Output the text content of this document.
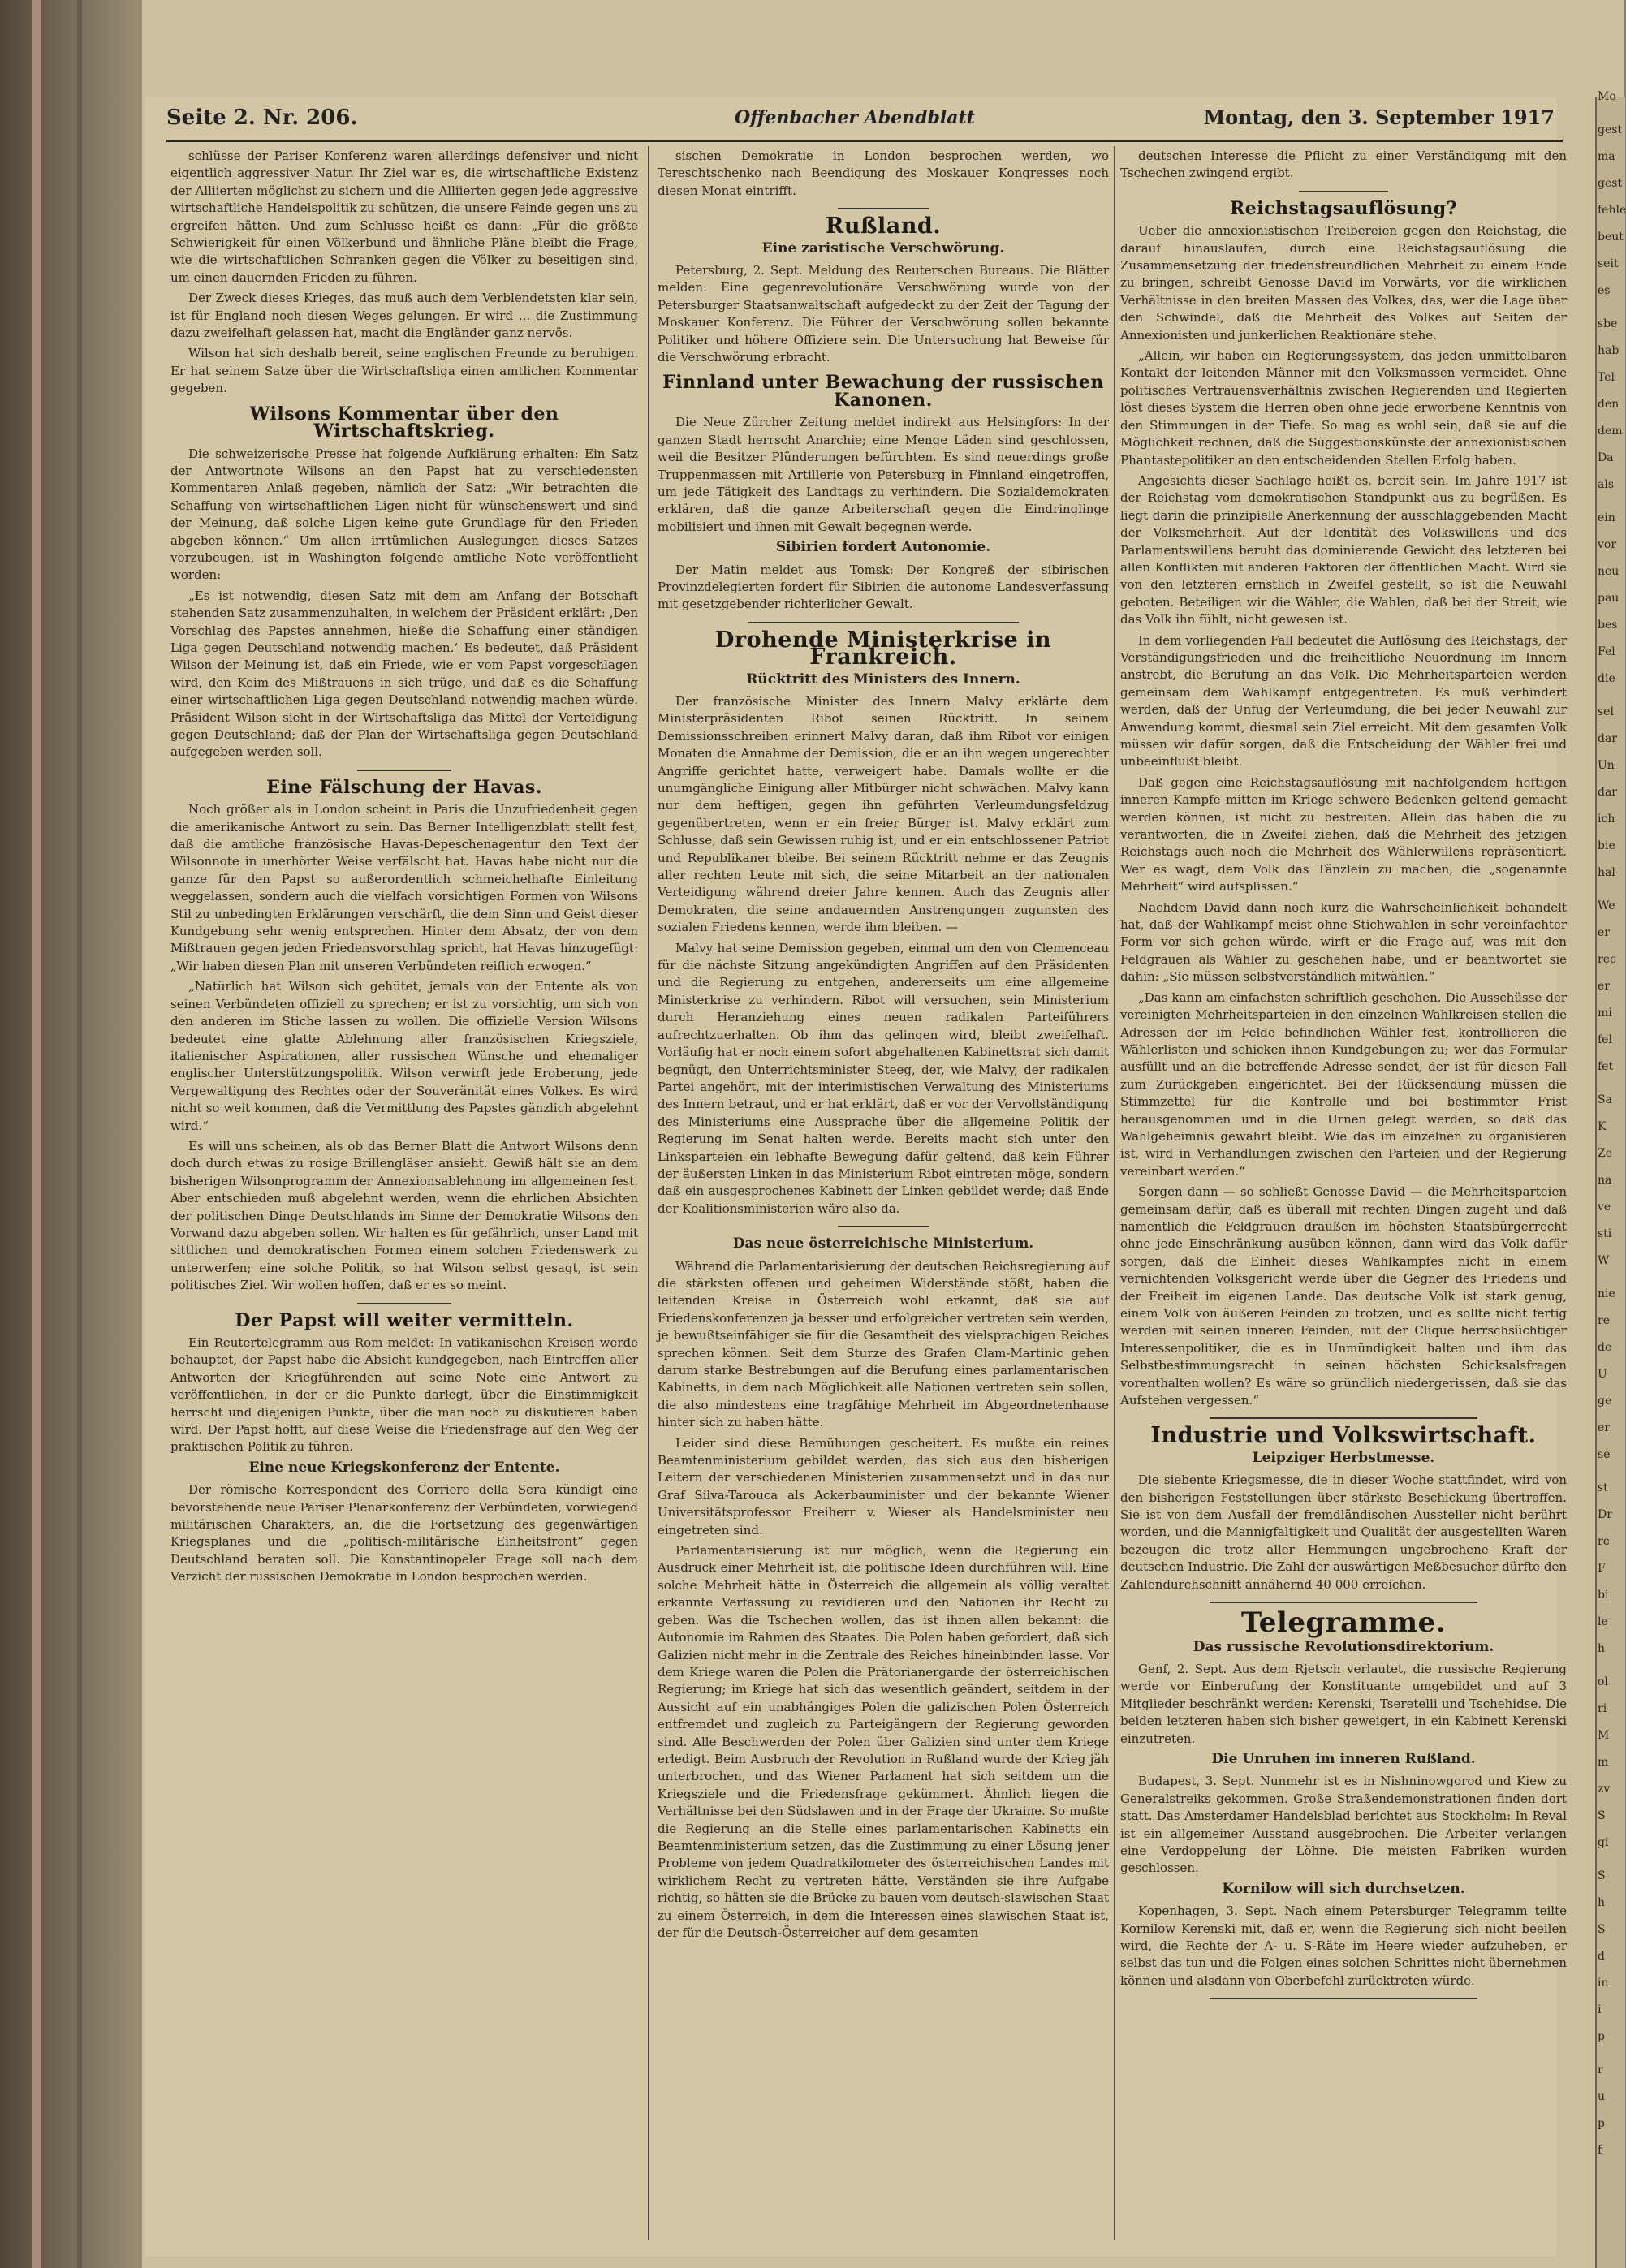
Seite 2. Nr. 206.	Offenbacher Abendblatt	Montag, den 3. September 1917

schlüsse der Pariser Konferenz waren allerdings defensiver und nicht eigentlich aggressiver Natur. Ihr Ziel war es, die wirtschaftliche Existenz der Alliierten möglichst zu sichern und die Alliierten gegen jede aggressive wirtschaftliche Handelspolitik zu schützen, die unsere Feinde gegen uns zu ergreifen hätten. Und zum Schlusse heißt es dann: „Für die größte Schwierigkeit für einen Völkerbund und ähnliche Pläne bleibt die Frage, wie die wirtschaftlichen Schranken gegen die Völker zu beseitigen sind, um einen dauernden Frieden zu führen.

Der Zweck dieses Krieges, das muß auch dem Verblendetsten klar sein, ist für England noch diesen Weges gelungen. Er wird ... die Zustimmung dazu zweifelhaft gelassen hat, macht die Engländer ganz nervös.

Wilson hat sich deshalb bereit, seine englischen Freunde zu beruhigen. Er hat seinem Satze über die Wirtschaftsliga einen amtlichen Kommentar gegeben.

Wilsons Kommentar über den Wirtschaftskrieg.

Die schweizerische Presse hat folgende Aufklärung erhalten: Ein Satz der Antwortnote Wilsons an den Papst hat zu verschiedensten Kommentaren Anlaß gegeben, nämlich der Satz: „Wir betrachten die Schaffung von wirtschaftlichen Ligen nicht für wünschenswert und sind der Meinung, daß solche Ligen keine gute Grundlage für den Frieden abgeben können.“ Um allen irrtümlichen Auslegungen dieses Satzes vorzubeugen, ist in Washington folgende amtliche Note veröffentlicht worden:

„Es ist notwendig, diesen Satz mit dem am Anfang der Botschaft stehenden Satz zusammenzuhalten, in welchem der Präsident erklärt: ‚Den Vorschlag des Papstes annehmen, hieße die Schaffung einer ständigen Liga gegen Deutschland notwendig machen.‘ Es bedeutet, daß Präsident Wilson der Meinung ist, daß ein Friede, wie er vom Papst vorgeschlagen wird, den Keim des Mißtrauens in sich trüge, und daß es die Schaffung einer wirtschaftlichen Liga gegen Deutschland notwendig machen würde. Präsident Wilson sieht in der Wirtschaftsliga das Mittel der Verteidigung gegen Deutschland; daß der Plan der Wirtschaftsliga gegen Deutschland aufgegeben werden soll.

Eine Fälschung der Havas.

Noch größer als in London scheint in Paris die Unzufriedenheit gegen die amerikanische Antwort zu sein. Das Berner Intelligenzblatt stellt fest, daß die amtliche französische Havas-Depeschenagentur den Text der Wilsonnote in unerhörter Weise verfälscht hat. Havas habe nicht nur die ganze für den Papst so außerordentlich schmeichelhafte Einleitung weggelassen, sondern auch die vielfach vorsichtigen Formen von Wilsons Stil zu unbedingten Erklärungen verschärft, die dem Sinn und Geist dieser Kundgebung sehr wenig entsprechen. Hinter dem Absatz, der von dem Mißtrauen gegen jeden Friedensvorschlag spricht, hat Havas hinzugefügt: „Wir haben diesen Plan mit unseren Verbündeten reiflich erwogen.“

„Natürlich hat Wilson sich gehütet, jemals von der Entente als von seinen Verbündeten offiziell zu sprechen; er ist zu vorsichtig, um sich von den anderen im Stiche lassen zu wollen. Die offizielle Version Wilsons bedeutet eine glatte Ablehnung aller französischen Kriegsziele, italienischer Aspirationen, aller russischen Wünsche und ehemaliger englischer Unterstützungspolitik. Wilson verwirft jede Eroberung, jede Vergewaltigung des Rechtes oder der Souveränität eines Volkes. Es wird nicht so weit kommen, daß die Vermittlung des Papstes gänzlich abgelehnt wird.“

Es will uns scheinen, als ob das Berner Blatt die Antwort Wilsons denn doch durch etwas zu rosige Brillengläser ansieht. Gewiß hält sie an dem bisherigen Wilsonprogramm der Annexionsablehnung im allgemeinen fest. Aber entschieden muß abgelehnt werden, wenn die ehrlichen Absichten der politischen Dinge Deutschlands im Sinne der Demokratie Wilsons den Vorwand dazu abgeben sollen. Wir halten es für gefährlich, unser Land mit sittlichen und demokratischen Formen einem solchen Friedenswerk zu unterwerfen; eine solche Politik, so hat Wilson selbst gesagt, ist sein politisches Ziel. Wir wollen hoffen, daß er es so meint.

Der Papst will weiter vermitteln.

Ein Reutertelegramm aus Rom meldet: In vatikanischen Kreisen werde behauptet, der Papst habe die Absicht kundgegeben, nach Eintreffen aller Antworten der Kriegführenden auf seine Note eine Antwort zu veröffentlichen, in der er die Punkte darlegt, über die Einstimmigkeit herrscht und diejenigen Punkte, über die man noch zu diskutieren haben wird. Der Papst hofft, auf diese Weise die Friedensfrage auf den Weg der praktischen Politik zu führen.

Eine neue Kriegskonferenz der Entente.

Der römische Korrespondent des Corriere della Sera kündigt eine bevorstehende neue Pariser Plenarkonferenz der Verbündeten, vorwiegend militärischen Charakters, an, die die Fortsetzung des gegenwärtigen Kriegsplanes und die „politisch-militärische Einheitsfront“ gegen Deutschland beraten soll. Die Konstantinopeler Frage soll nach dem Verzicht der russischen Demokratie in London besprochen werden.

sischen Demokratie in London besprochen werden, wo Tereschtschenko nach Beendigung des Moskauer Kongresses noch diesen Monat eintrifft.

Rußland.
Eine zaristische Verschwörung.

Petersburg, 2. Sept. Meldung des Reuterschen Bureaus. Die Blätter melden: Eine gegenrevolutionäre Verschwörung wurde von der Petersburger Staatsanwaltschaft aufgedeckt zu der Zeit der Tagung der Moskauer Konferenz. Die Führer der Verschwörung sollen bekannte Politiker und höhere Offiziere sein. Die Untersuchung hat Beweise für die Verschwörung erbracht.

Finnland unter Bewachung der russischen Kanonen.

Die Neue Zürcher Zeitung meldet indirekt aus Helsingfors: In der ganzen Stadt herrscht Anarchie; eine Menge Läden sind geschlossen, weil die Besitzer Plünderungen befürchten. Es sind neuerdings große Truppenmassen mit Artillerie von Petersburg in Finnland eingetroffen, um jede Tätigkeit des Landtags zu verhindern. Die Sozialdemokraten erklären, daß die ganze Arbeiterschaft gegen die Eindringlinge mobilisiert und ihnen mit Gewalt begegnen werde.

Sibirien fordert Autonomie.

Der Matin meldet aus Tomsk: Der Kongreß der sibirischen Provinzdelegierten fordert für Sibirien die autonome Landesverfassung mit gesetzgebender richterlicher Gewalt.

Drohende Ministerkrise in Frankreich.
Rücktritt des Ministers des Innern.

Der französische Minister des Innern Malvy erklärte dem Ministerpräsidenten Ribot seinen Rücktritt. In seinem Demissionsschreiben erinnert Malvy daran, daß ihm Ribot vor einigen Monaten die Annahme der Demission, die er an ihn wegen ungerechter Angriffe gerichtet hatte, verweigert habe. Damals wollte er die unumgängliche Einigung aller Mitbürger nicht schwächen. Malvy kann nur dem heftigen, gegen ihn geführten Verleumdungsfeldzug gegenübertreten, wenn er ein freier Bürger ist. Malvy erklärt zum Schlusse, daß sein Gewissen ruhig ist, und er ein entschlossener Patriot und Republikaner bleibe. Bei seinem Rücktritt nehme er das Zeugnis aller rechten Leute mit sich, die seine Mitarbeit an der nationalen Verteidigung während dreier Jahre kennen. Auch das Zeugnis aller Demokraten, die seine andauernden Anstrengungen zugunsten des sozialen Friedens kennen, werde ihm bleiben. —

Malvy hat seine Demission gegeben, einmal um den von Clemenceau für die nächste Sitzung angekündigten Angriffen auf den Präsidenten und die Regierung zu entgehen, andererseits um eine allgemeine Ministerkrise zu verhindern. Ribot will versuchen, sein Ministerium durch Heranziehung eines neuen radikalen Parteiführers aufrechtzuerhalten. Ob ihm das gelingen wird, bleibt zweifelhaft. Vorläufig hat er noch einem sofort abgehaltenen Kabinettsrat sich damit begnügt, den Unterrichtsminister Steeg, der, wie Malvy, der radikalen Partei angehört, mit der interimistischen Verwaltung des Ministeriums des Innern betraut, und er hat erklärt, daß er vor der Vervollständigung des Ministeriums eine Aussprache über die allgemeine Politik der Regierung im Senat halten werde. Bereits macht sich unter den Linksparteien ein lebhafte Bewegung dafür geltend, daß kein Führer der äußersten Linken in das Ministerium Ribot eintreten möge, sondern daß ein ausgesprochenes Kabinett der Linken gebildet werde; daß Ende der Koalitionsministerien wäre also da.

Das neue österreichische Ministerium.

Während die Parlamentarisierung der deutschen Reichsregierung auf die stärksten offenen und geheimen Widerstände stößt, haben die leitenden Kreise in Österreich wohl erkannt, daß sie auf Friedenskonferenzen ja besser und erfolgreicher vertreten sein werden, je bewußtseinfähiger sie für die Gesamtheit des vielsprachigen Reiches sprechen können. Seit dem Sturze des Grafen Clam-Martinic gehen darum starke Bestrebungen auf die Berufung eines parlamentarischen Kabinetts, in dem nach Möglichkeit alle Nationen vertreten sein sollen, die also mindestens eine tragfähige Mehrheit im Abgeordnetenhause hinter sich zu haben hätte.

Leider sind diese Bemühungen gescheitert. Es mußte ein reines Beamtenministerium gebildet werden, das sich aus den bisherigen Leitern der verschiedenen Ministerien zusammensetzt und in das nur Graf Silva-Tarouca als Ackerbauminister und der bekannte Wiener Universitätsprofessor Freiherr v. Wieser als Handelsminister neu eingetreten sind.

Parlamentarisierung ist nur möglich, wenn die Regierung ein Ausdruck einer Mehrheit ist, die politische Ideen durchführen will. Eine solche Mehrheit hätte in Österreich die allgemein als völlig veraltet erkannte Verfassung zu revidieren und den Nationen ihr Recht zu geben. Was die Tschechen wollen, das ist ihnen allen bekannt: die Autonomie im Rahmen des Staates. Die Polen haben gefordert, daß sich Galizien nicht mehr in die Zentrale des Reiches hineinbinden lasse. Vor dem Kriege waren die Polen die Prätorianergarde der österreichischen Regierung; im Kriege hat sich das wesentlich geändert, seitdem in der Aussicht auf ein unabhängiges Polen die galizischen Polen Österreich entfremdet und zugleich zu Parteigängern der Regierung geworden sind. Alle Beschwerden der Polen über Galizien sind unter dem Kriege erledigt. Beim Ausbruch der Revolution in Rußland wurde der Krieg jäh unterbrochen, und das Wiener Parlament hat sich seitdem um die Kriegsziele und die Friedensfrage gekümmert. Ähnlich liegen die Verhältnisse bei den Südslawen und in der Frage der Ukraine. So mußte die Regierung an die Stelle eines parlamentarischen Kabinetts ein Beamtenministerium setzen, das die Zustimmung zu einer Lösung jener Probleme von jedem Quadratkilometer des österreichischen Landes mit wirklichem Recht zu vertreten hätte. Verständen sie ihre Aufgabe richtig, so hätten sie die Brücke zu bauen vom deutsch-slawischen Staat zu einem Österreich, in dem die Interessen eines slawischen Staat ist, der für die Deutsch-Österreicher auf dem gesamten

deutschen Interesse die Pflicht zu einer Verständigung mit den Tschechen zwingend ergibt.

Reichstagsauflösung?

Ueber die annexionistischen Treibereien gegen den Reichstag, die darauf hinauslaufen, durch eine Reichstagsauflösung die Zusammensetzung der friedensfreundlichen Mehrheit zu einem Ende zu bringen, schreibt Genosse David im Vorwärts, vor die wirklichen Verhältnisse in den breiten Massen des Volkes, das, wer die Lage über den Schwindel, daß die Mehrheit des Volkes auf Seiten der Annexionisten und junkerlichen Reaktionäre stehe.

„Allein, wir haben ein Regierungssystem, das jeden unmittelbaren Kontakt der leitenden Männer mit den Volksmassen vermeidet. Ohne politisches Vertrauensverhältnis zwischen Regierenden und Regierten löst dieses System die Herren oben ohne jede erworbene Kenntnis von den Stimmungen in der Tiefe. So mag es wohl sein, daß sie auf die Möglichkeit rechnen, daß die Suggestionskünste der annexionistischen Phantastepolitiker an den entscheidenden Stellen Erfolg haben.

Angesichts dieser Sachlage heißt es, bereit sein. Im Jahre 1917 ist der Reichstag vom demokratischen Standpunkt aus zu begrüßen. Es liegt darin die prinzipielle Anerkennung der ausschlaggebenden Macht der Volksmehrheit. Auf der Identität des Volkswillens und des Parlamentswillens beruht das dominierende Gewicht des letzteren bei allen Konflikten mit anderen Faktoren der öffentlichen Macht. Wird sie von den letzteren ernstlich in Zweifel gestellt, so ist die Neuwahl geboten. Beteiligen wir die Wähler, die Wahlen, daß bei der Streit, wie das Volk ihn fühlt, nicht gewesen ist.

In dem vorliegenden Fall bedeutet die Auflösung des Reichstags, der Verständigungsfrieden und die freiheitliche Neuordnung im Innern anstrebt, die Berufung an das Volk. Die Mehrheitsparteien werden gemeinsam dem Wahlkampf entgegentreten. Es muß verhindert werden, daß der Unfug der Verleumdung, die bei jeder Neuwahl zur Anwendung kommt, diesmal sein Ziel erreicht. Mit dem gesamten Volk müssen wir dafür sorgen, daß die Entscheidung der Wähler frei und unbeeinflußt bleibt.

Daß gegen eine Reichstagsauflösung mit nachfolgendem heftigen inneren Kampfe mitten im Kriege schwere Bedenken geltend gemacht werden können, ist nicht zu bestreiten. Allein das haben die zu verantworten, die in Zweifel ziehen, daß die Mehrheit des jetzigen Reichstags auch noch die Mehrheit des Wählerwillens repräsentiert. Wer es wagt, dem Volk das Tänzlein zu machen, die „sogenannte Mehrheit“ wird aufsplissen.“

Nachdem David dann noch kurz die Wahrscheinlichkeit behandelt hat, daß der Wahlkampf meist ohne Stichwahlen in sehr vereinfachter Form vor sich gehen würde, wirft er die Frage auf, was mit den Feldgrauen als Wähler zu geschehen habe, und er beantwortet sie dahin: „Sie müssen selbstverständlich mitwählen.“

„Das kann am einfachsten schriftlich geschehen. Die Ausschüsse der vereinigten Mehrheitsparteien in den einzelnen Wahlkreisen stellen die Adressen der im Felde befindlichen Wähler fest, kontrollieren die Wählerlisten und schicken ihnen Kundgebungen zu; wer das Formular ausfüllt und an die betreffende Adresse sendet, der ist für diesen Fall zum Zurückgeben eingerichtet. Bei der Rücksendung müssen die Stimmzettel für die Kontrolle und bei bestimmter Frist herausgenommen und in die Urnen gelegt werden, so daß das Wahlgeheimnis gewahrt bleibt. Wie das im einzelnen zu organisieren ist, wird in Verhandlungen zwischen den Parteien und der Regierung vereinbart werden.“

Sorgen dann — so schließt Genosse David — die Mehrheitsparteien gemeinsam dafür, daß es überall mit rechten Dingen zugeht und daß namentlich die Feldgrauen draußen im höchsten Staatsbürgerrecht ohne jede Einschränkung ausüben können, dann wird das Volk dafür sorgen, daß die Einheit dieses Wahlkampfes nicht in einem vernichtenden Volksgericht werde über die Gegner des Friedens und der Freiheit im eigenen Lande. Das deutsche Volk ist stark genug, einem Volk von äußeren Feinden zu trotzen, und es sollte nicht fertig werden mit seinen inneren Feinden, mit der Clique herrschsüchtiger Interessenpolitiker, die es in Unmündigkeit halten und ihm das Selbstbestimmungsrecht in seinen höchsten Schicksalsfragen vorenthalten wollen? Es wäre so gründlich niedergerissen, daß sie das Aufstehen vergessen.“

Industrie und Volkswirtschaft.
Leipziger Herbstmesse.

Die siebente Kriegsmesse, die in dieser Woche stattfindet, wird von den bisherigen Feststellungen über stärkste Beschickung übertroffen. Sie ist von dem Ausfall der fremdländischen Aussteller nicht berührt worden, und die Mannigfaltigkeit und Qualität der ausgestellten Waren bezeugen die trotz aller Hemmungen ungebrochene Kraft der deutschen Industrie. Die Zahl der auswärtigen Meßbesucher dürfte den Zahlendurchschnitt annähernd 40 000 erreichen.

Telegramme.
Das russische Revolutionsdirektorium.

Genf, 2. Sept. Aus dem Rjetsch verlautet, die russische Regierung werde vor Einberufung der Konstituante umgebildet und auf 3 Mitglieder beschränkt werden: Kerenski, Tseretelli und Tschehidse. Die beiden letzteren haben sich bisher geweigert, in ein Kabinett Kerenski einzutreten.

Die Unruhen im inneren Rußland.

Budapest, 3. Sept. Nunmehr ist es in Nishninowgorod und Kiew zu Generalstreiks gekommen. Große Straßendemonstrationen finden dort statt. Das Amsterdamer Handelsblad berichtet aus Stockholm: In Reval ist ein allgemeiner Ausstand ausgebrochen. Die Arbeiter verlangen eine Verdoppelung der Löhne. Die meisten Fabriken wurden geschlossen.

Kornilow will sich durchsetzen.

Kopenhagen, 3. Sept. Nach einem Petersburger Telegramm teilte Kornilow Kerenski mit, daß er, wenn die Regierung sich nicht beeilen wird, die Rechte der A- u. S-Räte im Heere wieder aufzuheben, er selbst das tun und die Folgen eines solchen Schrittes nicht übernehmen können und alsdann von Oberbefehl zurücktreten würde.

Mo
gest
ma
gest
fehle
beut
seit
es
sbe
hab
Tel
den
dem
Da
als
ein
vor
neu
pau
bes
Fel
die
sel
dar
Un
dar
ich
bie
hal
We
er
rec
er
mi
fel
fet
Sa
K
Ze
na
ve
sti
W
nie
re
de
U
ge
er
se
st
Dr
re
F
bi
le
h
ol
ri
M
m
zv
S
gi
S
h
S
d
in
i
p
r
u
p
f
